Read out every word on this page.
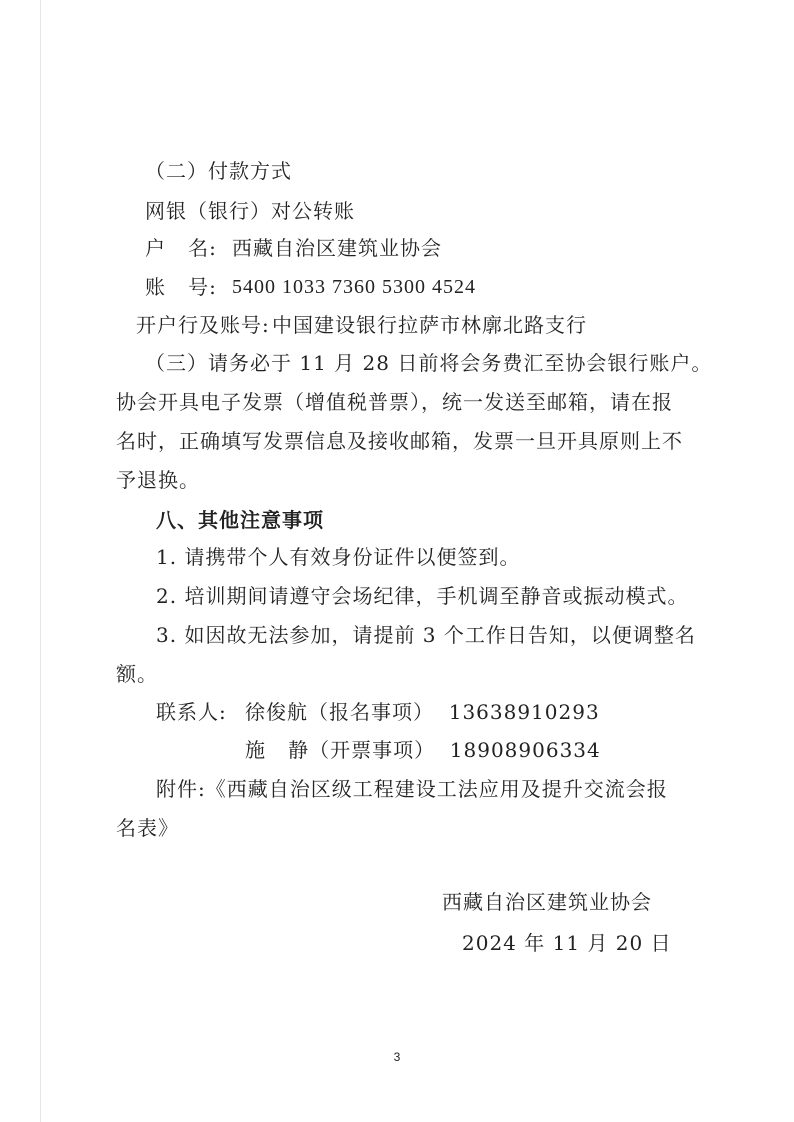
（二）付款方式
网银（银行）对公转账
户   名: 西藏自治区建筑业协会
账   号: 5400 1033 7360 5300 4524
开户行及账号: 中国建设银行拉萨市林廓北路支行
（三）请务必于 11 月 28 日前将会务费汇至协会银行账户。
协会开具电子发票（增值税普票），统一发送至邮箱，请在报
名时，正确填写发票信息及接收邮箱，发票一旦开具原则上不
予退换。
八、其他注意事项
1. 请携带个人有效身份证件以便签到。
2. 培训期间请遵守会场纪律，手机调至静音或振动模式。
3. 如因故无法参加，请提前 3 个工作日告知，以便调整名
额。
联系人: 徐俊航（报名事项）  13638910293
施   静（开票事项）  18908906334
附件:《西藏自治区级工程建设工法应用及提升交流会报
名表》
西藏自治区建筑业协会
2024 年 11 月 20 日
3
